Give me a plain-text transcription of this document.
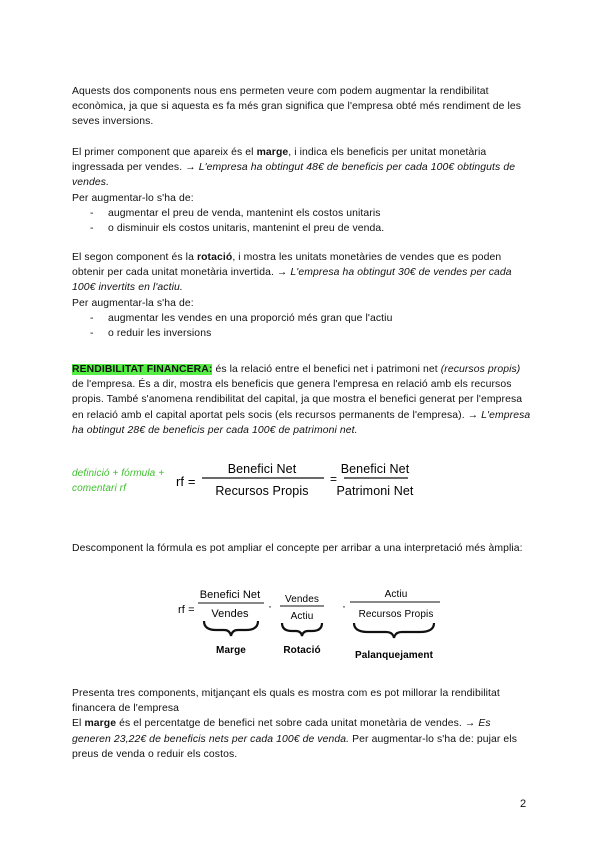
Aquests dos components nous ens permeten veure com podem augmentar la rendibilitat econòmica, ja que si aquesta es fa més gran significa que l'empresa obté més rendiment de les seves inversions.

El primer component que apareix és el marge, i indica els beneficis per unitat monetària ingressada per vendes. → L'empresa ha obtingut 48€ de beneficis per cada 100€ obtinguts de vendes.

Per augmentar-lo s'ha de:

- augmentar el preu de venda, mantenint els costos unitaris

- o disminuir els costos unitaris, mantenint el preu de venda.

El segon component és la rotació, i mostra les unitats monetàries de vendes que es poden obtenir per cada unitat monetària invertida. → L'empresa ha obtingut 30€ de vendes per cada 100€ invertits en l'actiu.

Per augmentar-la s'ha de:

- augmentar les vendes en una proporció més gran que l'actiu

- o reduir les inversions

RENDIBILITAT FINANCERA: és la relació entre el benefici net i patrimoni net (recursos propis) de l'empresa. És a dir, mostra els beneficis que genera l'empresa en relació amb els recursos propis. També s'anomena rendibilitat del capital, ja que mostra el benefici generat per l'empresa en relació amb el capital aportat pels socis (els recursos permanents de l'empresa). → L'empresa ha obtingut 28€ de beneficis per cada 100€ de patrimoni net.

definició + fórmula + comentari rf	rf =
Benefici Net
Recursos Propis
=
Benefici Net
Patrimoni Net

Descomponent la fórmula es pot ampliar el concepte per arribar a una interpretació més àmplia:

rf =
Benefici Net
Vendes
Marge
· Vendes
Actiu
Rotació
·
Actiu
Recursos Propis
Palanquejament

Presenta tres components, mitjançant els quals es mostra com es pot millorar la rendibilitat financera de l'empresa

El marge és el percentatge de benefici net sobre cada unitat monetària de vendes. → Es generen 23,22€ de beneficis nets per cada 100€ de venda. Per augmentar-lo s'ha de: pujar els preus de venda o reduir els costos.

2
